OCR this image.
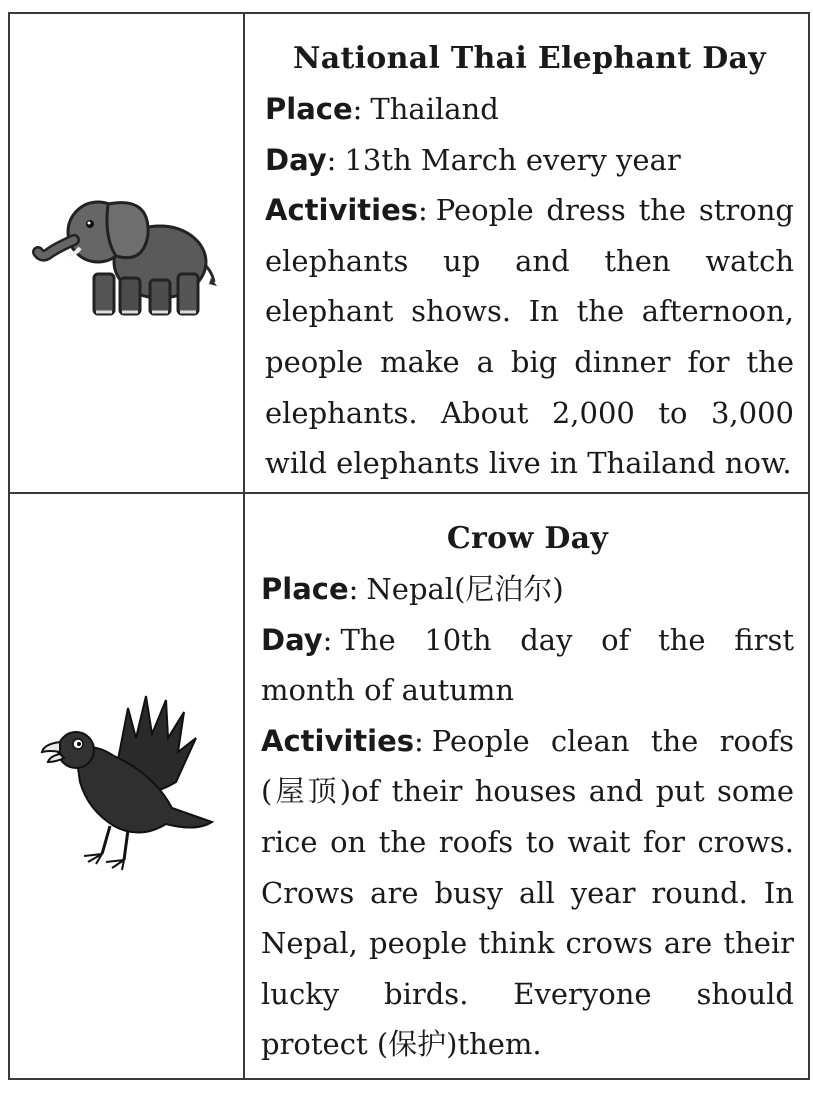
National Thai Elephant Day
Place: Thailand
Day: 13th March every year
Activities: People dress the strong elephants up and then watch elephant shows. In the afternoon, people make a big dinner for the elephants. About 2,000 to 3,000 wild elephants live in Thailand now.
Crow Day
Place: Nepal(尼泊尔)
Day: The 10th day of the first month of autumn
Activities: People clean the roofs (屋顶)of their houses and put some rice on the roofs to wait for crows. Crows are busy all year round. In Nepal, people think crows are their lucky birds. Everyone should protect (保护)them.
